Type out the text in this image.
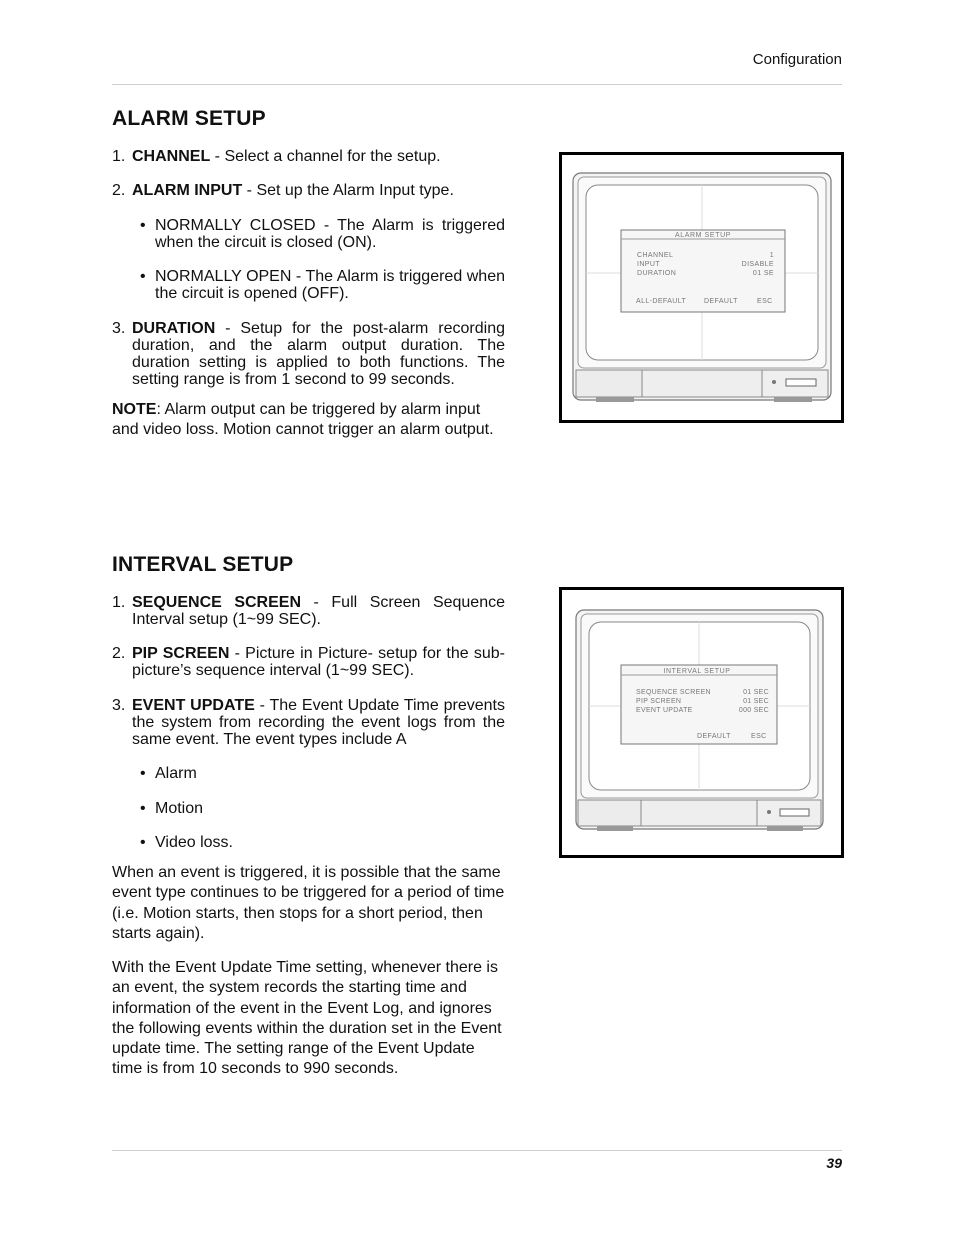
Configuration
ALARM SETUP
1. CHANNEL - Select a channel for the setup.
2. ALARM INPUT - Set up the Alarm Input type.
• NORMALLY CLOSED - The Alarm is triggered when the circuit is closed (ON).
• NORMALLY OPEN - The Alarm is triggered when the circuit is opened (OFF).
3. DURATION - Setup for the post-alarm recording duration, and the alarm output duration. The duration setting is applied to both functions. The setting range is from 1 second to 99 seconds.
NOTE: Alarm output can be triggered by alarm input and video loss. Motion cannot trigger an alarm output.
ALARM SETUP
CHANNEL	1
INPUT	DISABLE
DURATION	01 SE
ALL-DEFAULT	DEFAULT	ESC
INTERVAL SETUP
1. SEQUENCE SCREEN - Full Screen Sequence Interval setup (1~99 SEC).
2. PIP SCREEN - Picture in Picture- setup for the sub-picture’s sequence interval (1~99 SEC).
3. EVENT UPDATE - The Event Update Time prevents the system from recording the event logs from the same event. The event types include A
• Alarm
• Motion
• Video loss.
When an event is triggered, it is possible that the same event type continues to be triggered for a period of time (i.e. Motion starts, then stops for a short period, then starts again).
With the Event Update Time setting, whenever there is an event, the system records the starting time and information of the event in the Event Log, and ignores the following events within the duration set in the Event update time. The setting range of the Event Update time is from 10 seconds to 990 seconds.
INTERVAL SETUP
SEQUENCE SCREEN	01 SEC
PIP SCREEN	01 SEC
EVENT UPDATE	000 SEC
DEFAULT	ESC
39
